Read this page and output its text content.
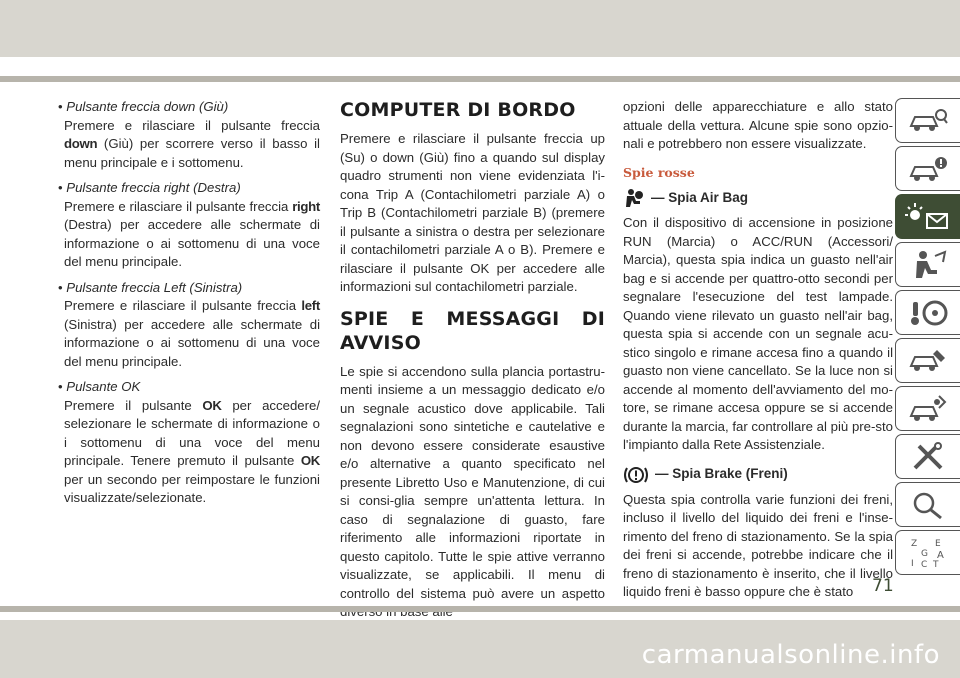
• Pulsante freccia down (Giù)
Premere e rilasciare il pulsante freccia down (Giù) per scorrere verso il basso il menu principale e i sottomenu.
• Pulsante freccia right (Destra)
Premere e rilasciare il pulsante freccia right (Destra) per accedere alle schermate di informazione o ai sottomenu di una voce del menu principale.
• Pulsante freccia Left (Sinistra)
Premere e rilasciare il pulsante freccia left (Sinistra) per accedere alle schermate di informazione o ai sottomenu di una voce del menu principale.
• Pulsante OK
Premere il pulsante OK per accedere/ selezionare le schermate di informazione o i sottomenu di una voce del menu principale. Tenere premuto il pulsante OK per un secondo per reimpostare le funzioni visualizzate/selezionate.
COMPUTER DI BORDO

Premere e rilasciare il pulsante freccia up (Su) o down (Giù) fino a quando sul display quadro strumenti non viene evidenziata l'i-cona Trip A (Contachilometri parziale A) o Trip B (Contachilometri parziale B) (premere il pulsante a sinistra o destra per selezionare il contachilometri parziale A o B). Premere e rilasciare il pulsante OK per accedere alle informazioni sul contachilometri parziale.

SPIE E MESSAGGI DI AVVISO

Le spie si accendono sulla plancia portastru-menti insieme a un messaggio dedicato e/o un segnale acustico dove applicabile. Tali segnalazioni sono sintetiche e cautelative e non devono essere considerate esaustive e/o alternative a quanto specificato nel presente Libretto Uso e Manutenzione, di cui si consi-glia sempre un'attenta lettura. In caso di segnalazione di guasto, fare riferimento alle informazioni riportate in questo capitolo. Tutte le spie attive verranno visualizzate, se applicabili. Il menu di controllo del sistema può avere un aspetto

opzioni delle apparecchiature e allo stato attuale della vettura. Alcune spie sono opzio-nali e potrebbero non essere visualizzate.

Spie rosse
— Spia Air Bag

Con il dispositivo di accensione in posizione RUN (Marcia) o ACC/RUN (Accessori/ Marcia), questa spia indica un guasto nell'air bag e si accende per quattro-otto secondi per segnalare l'esecuzione del test lampade. Quando viene rilevato un guasto nell'air bag, questa spia si accende con un segnale acu-stico singolo e rimane accesa fino a quando il guasto non viene cancellato. Se la luce non si accende al momento dell'avviamento del mo-tore, se rimane accesa oppure se si accende durante la marcia, far controllare al più pre-sto l'impianto dalla Rete Assistenziale.

— Spia Brake (Freni)

Questa spia controlla varie funzioni dei freni, incluso il livello del liquido dei freni e l'inse-rimento del freno di stazionamento. Se la spia dei freni si accende, potrebbe indicare che il freno di stazionamento è inserito, che il livello liquido freni è basso oppure che è stato

Z E
G A
I C T
71
carmanualsonline.info
